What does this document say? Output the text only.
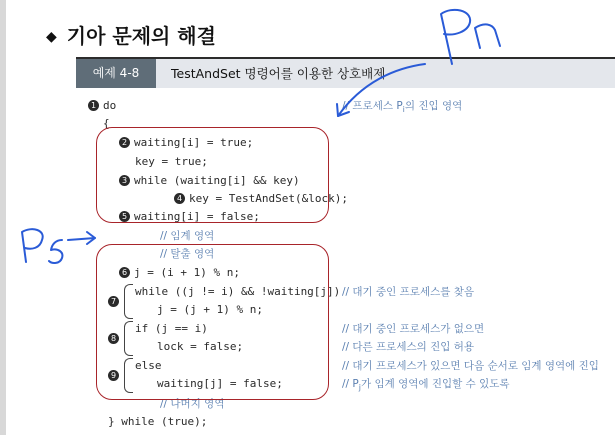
◆ 기아 문제의 해결
예제 4-8	TestAndSet 명령어를 이용한 상호배제
1 do
{
2 waiting[i] = true;
key = true;
3 while (waiting[i] && key)
4 key = TestAndSet(&lock);
5 waiting[i] = false;
// 임계 영역
// 탈출 영역
6 j = (i + 1) % n;
7
while ((j != i) && !waiting[j])
j = (j + 1) % n;
8
if (j == i)
lock = false;
9
else
waiting[j] = false;
// 나머지 영역
} while (true);
// 프로세스 $P_i$의 진입 영역
// 대기 중인 프로세스를 찾음
// 대기 중인 프로세스가 없으면
// 다른 프로세스의 진입 허용
// 대기 프로세스가 있으면 다음 순서로 임계 영역에 진입
// $P_j$가 임계 영역에 진입할 수 있도록
